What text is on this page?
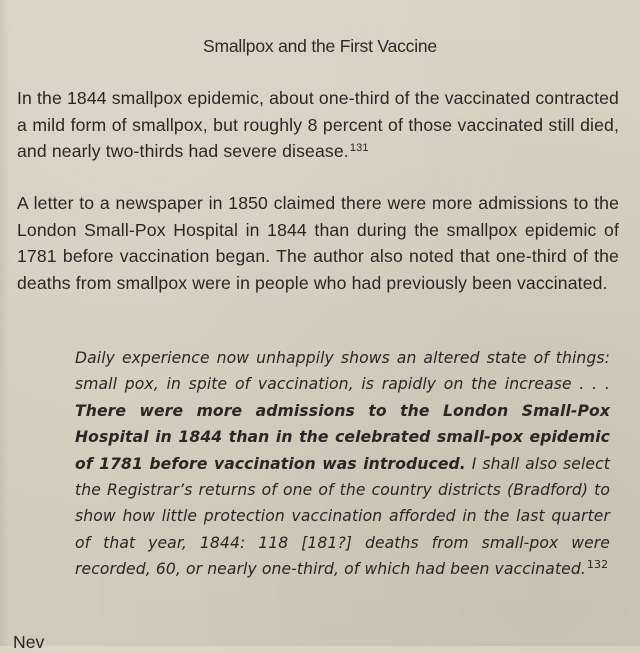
Smallpox and the First Vaccine

In the 1844 smallpox epidemic, about one-third of the vaccinated contracted a mild form of smallpox, but roughly 8 percent of those vaccinated still died, and nearly two-thirds had severe disease.$^{131}$

A letter to a newspaper in 1850 claimed there were more admissions to the London Small-Pox Hospital in 1844 than during the smallpox epidemic of 1781 before vaccination began. The author also noted that one-third of the deaths from smallpox were in people who had previously been vaccinated.

Daily experience now unhappily shows an altered state of things: small pox, in spite of vaccination, is rapidly on the increase . . . There were more admissions to the London Small-Pox Hospital in 1844 than in the celebrated small-pox epidemic of 1781 before vaccination was introduced. I shall also select the Registrar’s returns of one of the country districts (Bradford) to show how little protection vaccination afforded in the last quarter of that year, 1844: 118 [181?] deaths from small-pox were recorded, 60, or nearly one-third, of which had been vaccinated.$^{132}$
Nev
